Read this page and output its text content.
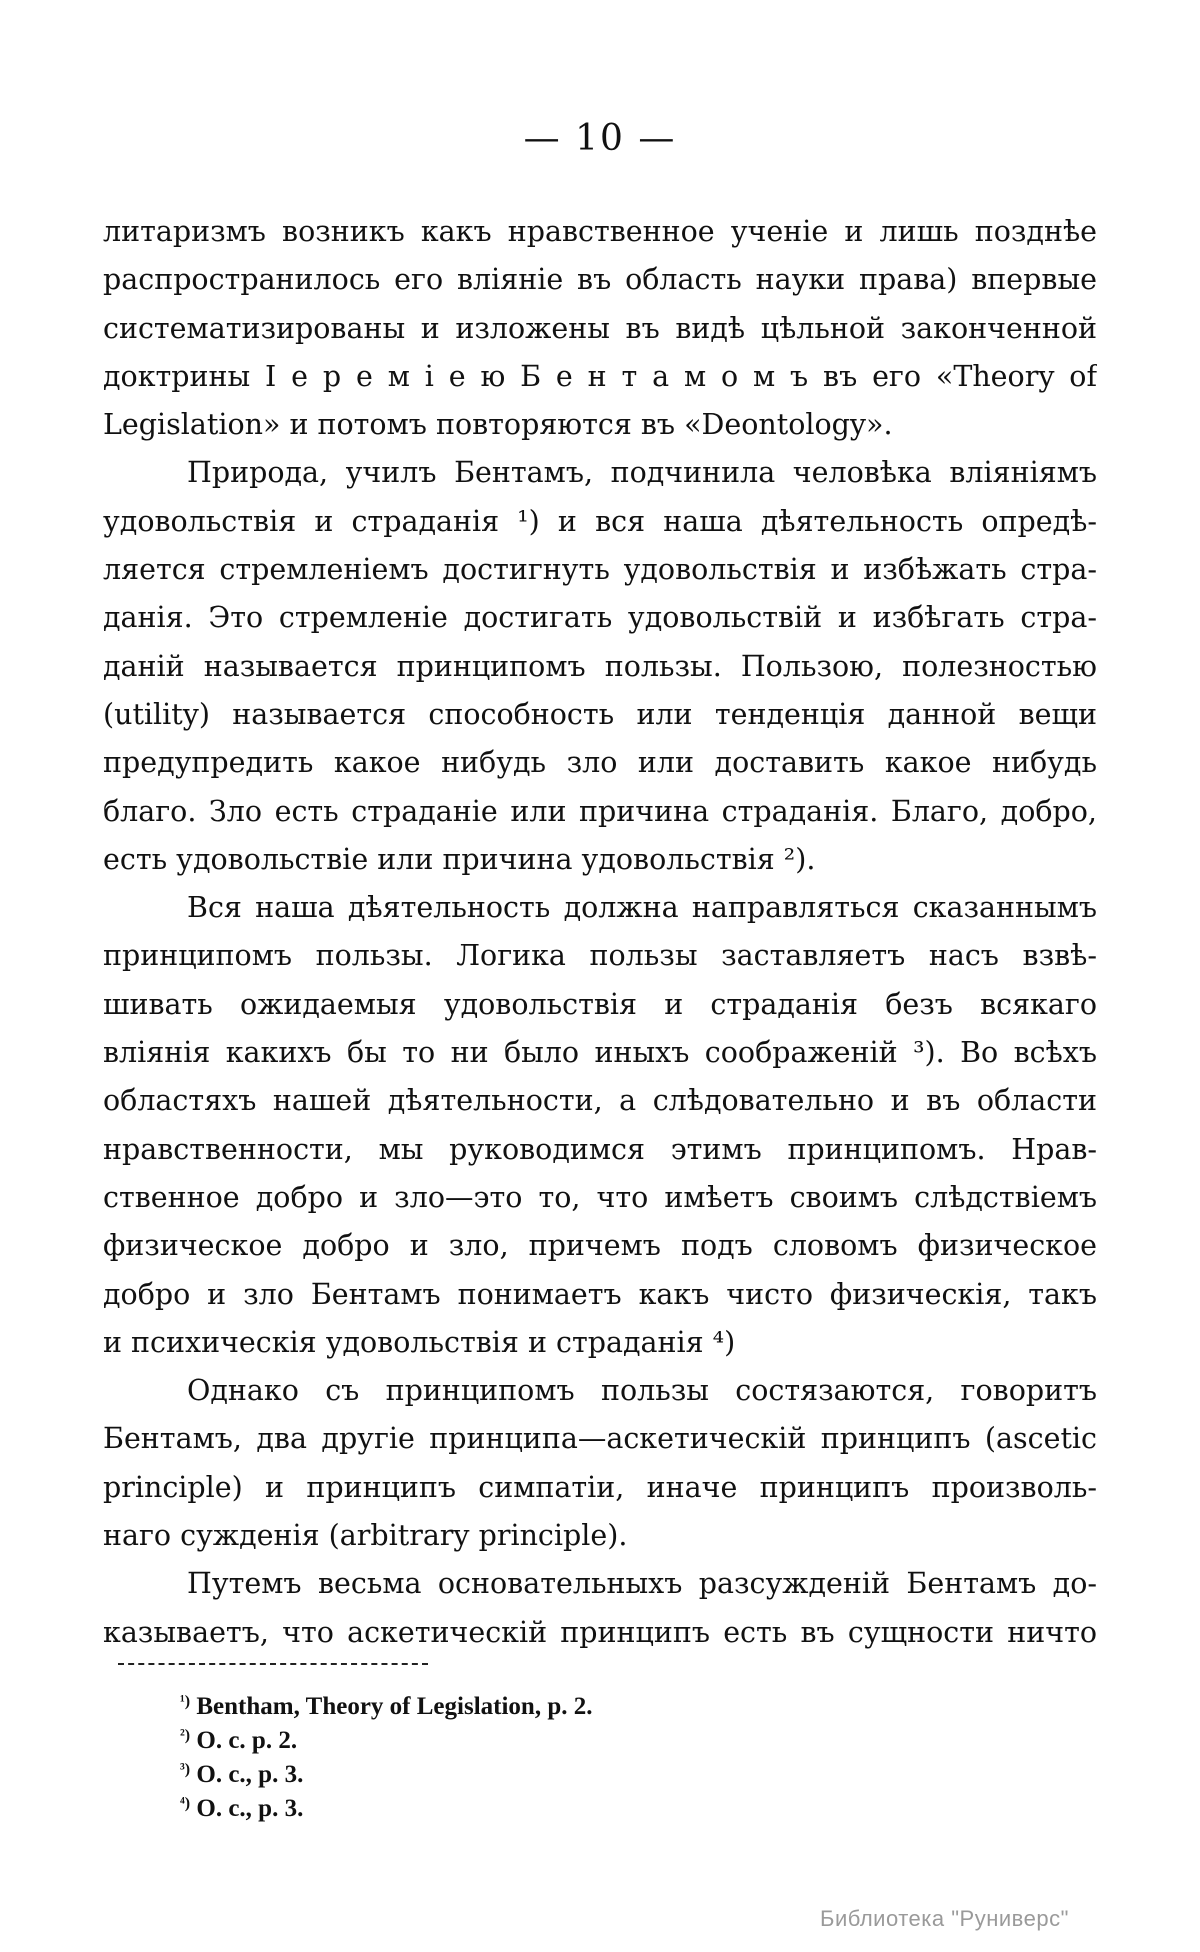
— 10 —
литаризмъ возникъ какъ нравственное ученіе и лишь позднѣе
распространилось его вліяніе въ область науки права) впервые
систематизированы и изложены въ видѣ цѣльной законченной
доктрины І е р е м і е ю Б е н т а м о м ъ въ его «Theory of
Legislation» и потомъ повторяются въ «Deontology».
Природа, училъ Бентамъ, подчинила человѣка вліяніямъ
удовольствія и страданія ¹) и вся наша дѣятельность опредѣ-
ляется стремленіемъ достигнуть удовольствія и избѣжать стра-
данія. Это стремленіе достигать удовольствій и избѣгать стра-
даній называется принципомъ пользы. Пользою, полезностью
(utility) называется способность или тенденція данной вещи
предупредить какое нибудь зло или доставить какое нибудь
благо. Зло есть страданіе или причина страданія. Благо, добро,
есть удовольствіе или причина удовольствія ²).
Вся наша дѣятельность должна направляться сказаннымъ
принципомъ пользы. Логика пользы заставляетъ насъ взвѣ-
шивать ожидаемыя удовольствія и страданія безъ всякаго
вліянія какихъ бы то ни было иныхъ соображеній ³). Во всѣхъ
областяхъ нашей дѣятельности, а слѣдовательно и въ области
нравственности, мы руководимся этимъ принципомъ. Нрав-
ственное добро и зло—это то, что имѣетъ своимъ слѣдствіемъ
физическое добро и зло, причемъ подъ словомъ физическое
добро и зло Бентамъ понимаетъ какъ чисто физическія, такъ
и психическія удовольствія и страданія ⁴)
Однако съ принципомъ пользы состязаются, говоритъ
Бентамъ, два другіе принципа—аскетическій принципъ (ascetic
principle) и принципъ симпатіи, иначе принципъ произволь-
наго сужденія (arbitrary principle).
Путемъ весьма основательныхъ разсужденій Бентамъ до-
казываетъ, что аскетическій принципъ есть въ сущности ничто
$^{^1)}$ Bentham, Theory of Legislation, p. 2.
$^{^2)}$ O. c. p. 2.
$^{^3)}$ O. c., p. 3.
$^{^4)}$ O. c., p. 3.
Библиотека "Руниверс"
